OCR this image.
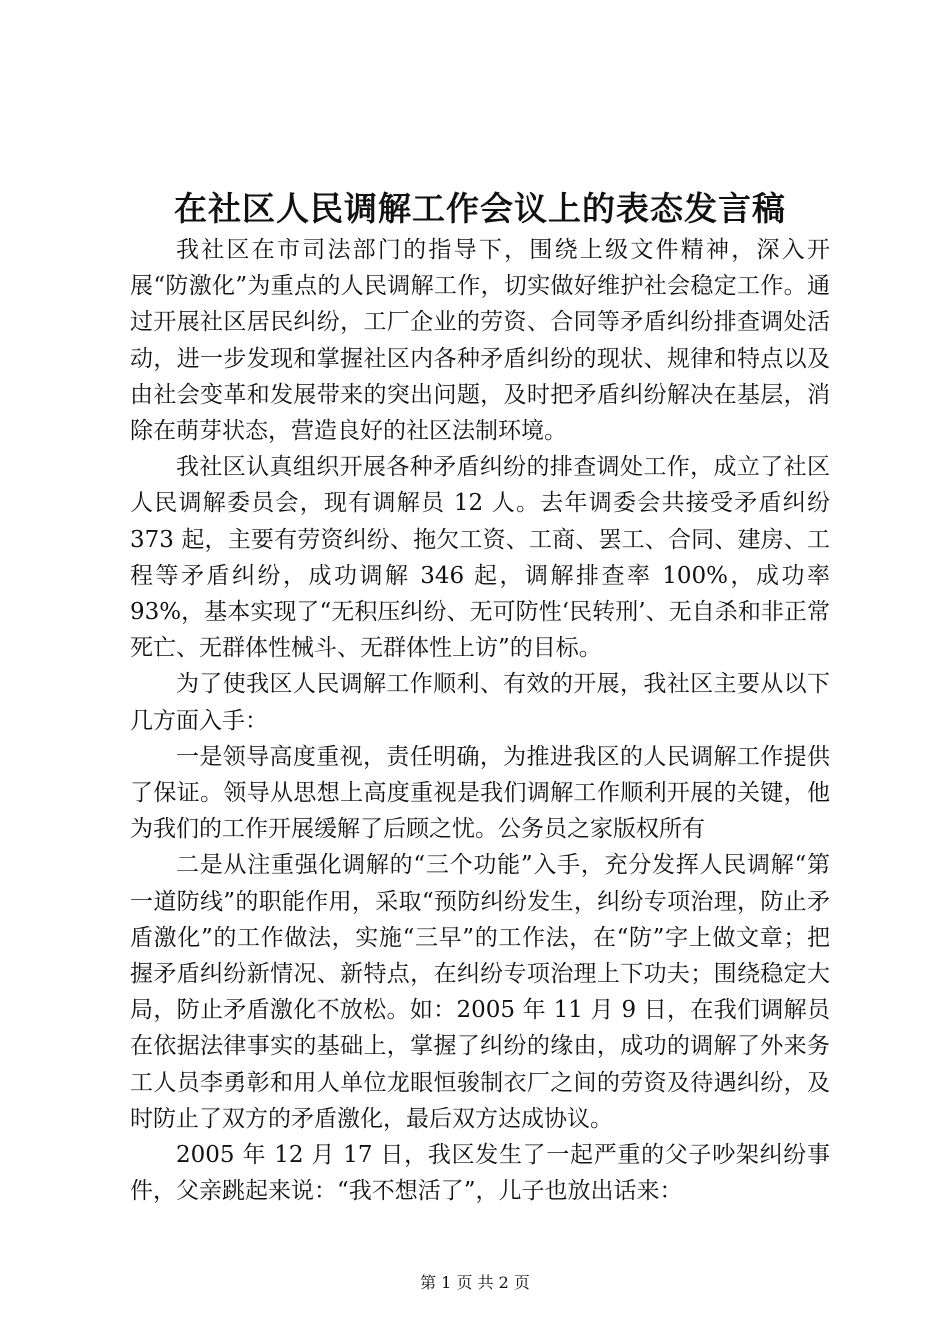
在社区人民调解工作会议上的表态发言稿

我社区在市司法部门的指导下，围绕上级文件精神，深入开展“防激化”为重点的人民调解工作，切实做好维护社会稳定工作。通过开展社区居民纠纷，工厂企业的劳资、合同等矛盾纠纷排查调处活动，进一步发现和掌握社区内各种矛盾纠纷的现状、规律和特点以及由社会变革和发展带来的突出问题，及时把矛盾纠纷解决在基层，消除在萌芽状态，营造良好的社区法制环境。

我社区认真组织开展各种矛盾纠纷的排查调处工作，成立了社区人民调解委员会，现有调解员 12 人。去年调委会共接受矛盾纠纷 373 起，主要有劳资纠纷、拖欠工资、工商、罢工、合同、建房、工程等矛盾纠纷，成功调解 346 起，调解排查率 100%，成功率 93%，基本实现了“无积压纠纷、无可防性‘民转刑’、无自杀和非正常死亡、无群体性械斗、无群体性上访”的目标。

为了使我区人民调解工作顺利、有效的开展，我社区主要从以下几方面入手：

一是领导高度重视，责任明确，为推进我区的人民调解工作提供了保证。领导从思想上高度重视是我们调解工作顺利开展的关键，他为我们的工作开展缓解了后顾之忧。公务员之家版权所有

二是从注重强化调解的“三个功能”入手，充分发挥人民调解“第一道防线”的职能作用，采取“预防纠纷发生，纠纷专项治理，防止矛盾激化”的工作做法，实施“三早”的工作法，在“防”字上做文章；把握矛盾纠纷新情况、新特点，在纠纷专项治理上下功夫；围绕稳定大局，防止矛盾激化不放松。如：2005 年 11 月 9 日，在我们调解员在依据法律事实的基础上，掌握了纠纷的缘由，成功的调解了外来务工人员李勇彰和用人单位龙眼恒骏制衣厂之间的劳资及待遇纠纷，及时防止了双方的矛盾激化，最后双方达成协议。

2005 年 12 月 17 日，我区发生了一起严重的父子吵架纠纷事件，父亲跳起来说：“我不想活了”，儿子也放出话来：

第 1 页 共 2 页
